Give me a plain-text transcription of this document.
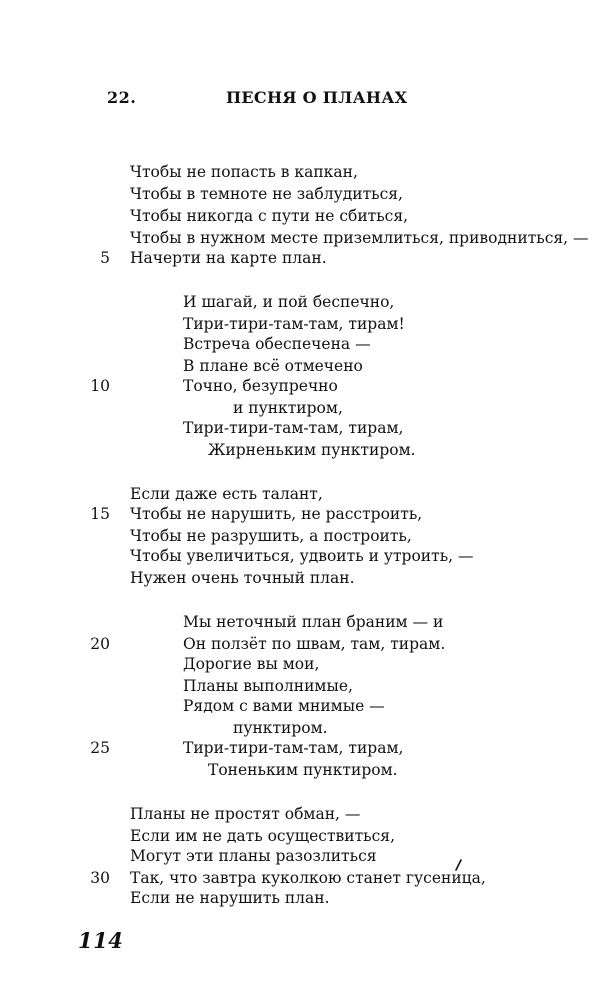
22.	ПЕСНЯ О ПЛАНАХ
Чтобы не попасть в капкан,
Чтобы в темноте не заблудиться,
Чтобы никогда с пути не сбиться,
Чтобы в нужном месте приземлиться, приводниться, —
5 Начерти на карте план.
И шагай, и пой беспечно,
Тири-тири-там-там, тирам!
Встреча обеспечена —
В плане всё отмечено
10	Точно, безупречно
и пунктиром,
Тири-тири-там-там, тирам,
Жирненьким пунктиром.
Если даже есть талант,
15 Чтобы не нарушить, не расстроить,
Чтобы не разрушить, а построить,
Чтобы увеличиться, удвоить и утроить, —
Нужен очень точный план.
Мы неточный план браним — и
20	Он ползёт по швам, там, тирам.
Дорогие вы мои,
Планы выполнимые,
Рядом с вами мнимые —
пунктиром.
25	Тири-тири-там-там, тирам,
Тоненьким пунктиром.
Планы не простят обман, —
Если им не дать осуществиться,
Могут эти планы разозлиться
30 Так, что завтра куколкою станет гусеница,
Если не нарушить план.
114
